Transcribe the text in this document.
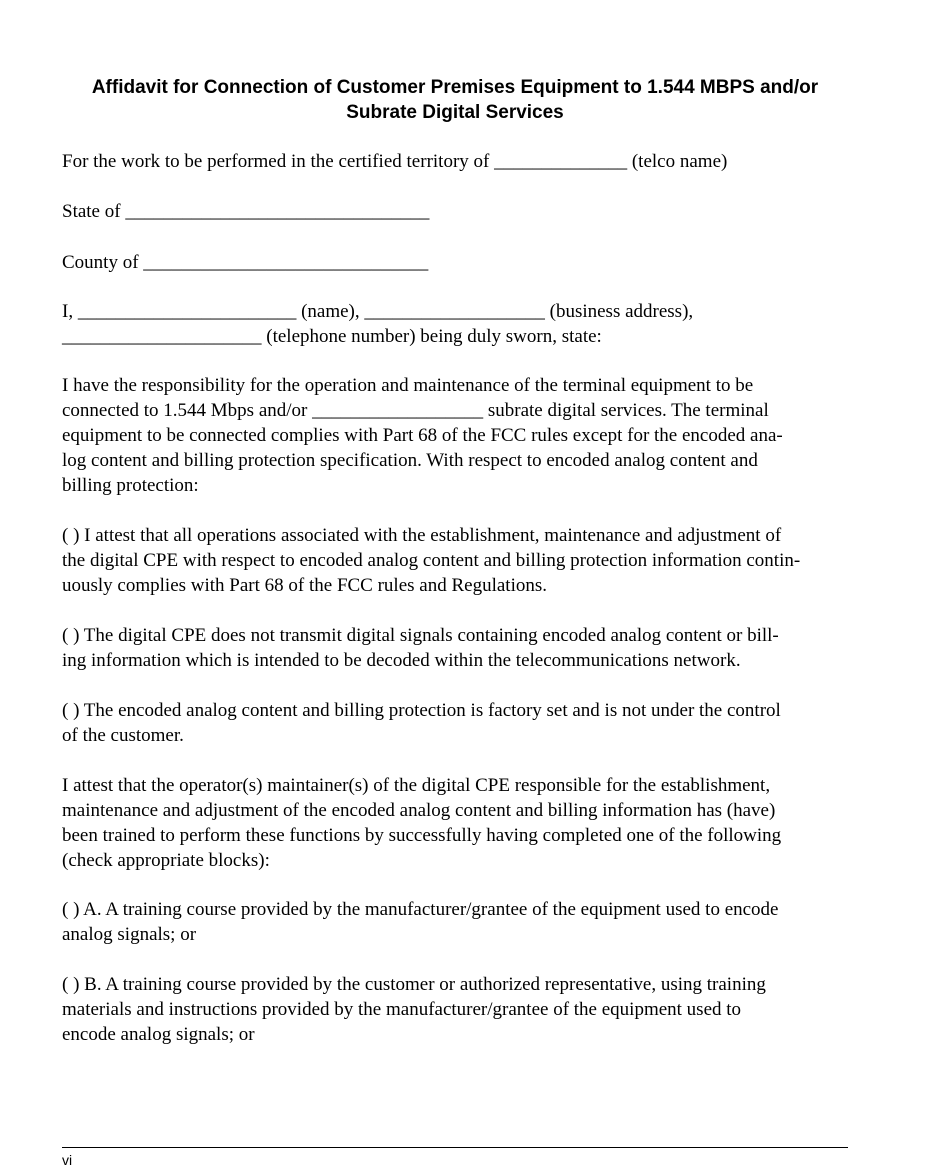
Affidavit for Connection of Customer Premises Equipment to 1.544 MBPS and/or
Subrate Digital Services

For the work to be performed in the certified territory of ______________ (telco name)

State of ________________________________

County of ______________________________

I, _______________________ (name), ___________________ (business address),
_____________________ (telephone number) being duly sworn, state:

I have the responsibility for the operation and maintenance of the terminal equipment to be
connected to 1.544 Mbps and/or __________________ subrate digital services. The terminal
equipment to be connected complies with Part 68 of the FCC rules except for the encoded ana-
log content and billing protection specification. With respect to encoded analog content and
billing protection:

( ) I attest that all operations associated with the establishment, maintenance and adjustment of
the digital CPE with respect to encoded analog content and billing protection information contin-
uously complies with Part 68 of the FCC rules and Regulations.

( ) The digital CPE does not transmit digital signals containing encoded analog content or bill-
ing information which is intended to be decoded within the telecommunications network.

( ) The encoded analog content and billing protection is factory set and is not under the control
of the customer.

I attest that the operator(s) maintainer(s) of the digital CPE responsible for the establishment,
maintenance and adjustment of the encoded analog content and billing information has (have)
been trained to perform these functions by successfully having completed one of the following
(check appropriate blocks):

( ) A. A training course provided by the manufacturer/grantee of the equipment used to encode
analog signals; or

( ) B. A training course provided by the customer or authorized representative, using training
materials and instructions provided by the manufacturer/grantee of the equipment used to
encode analog signals; or

vi
